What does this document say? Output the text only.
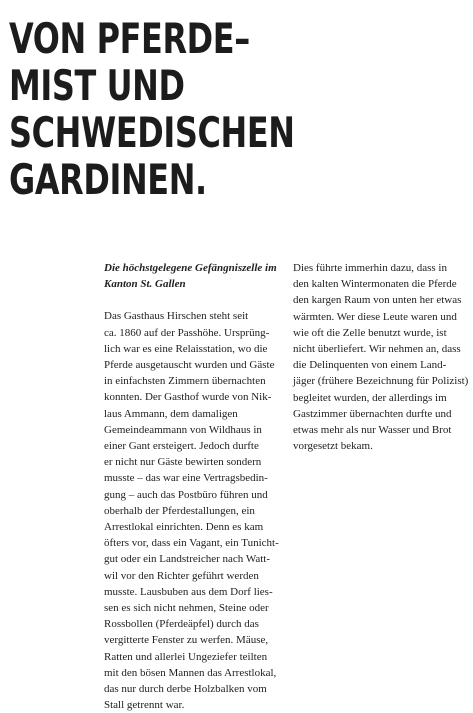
VON PFERDE–
MIST UND
SCHWEDISCHEN
GARDINEN.
Die höchstgelegene Gefängniszelle im
Kanton St. Gallen

Das Gasthaus Hirschen steht seit
ca. 1860 auf der Passhöhe. Ursprüng-
lich war es eine Relaisstation, wo die
Pferde ausgetauscht wurden und Gäste
in einfachsten Zimmern übernachten
konnten. Der Gasthof wurde von Nik-
laus Ammann, dem damaligen
Gemeindeammann von Wildhaus in
einer Gant ersteigert. Jedoch durfte
er nicht nur Gäste bewirten sondern
musste – das war eine Vertragsbedin-
gung – auch das Postbüro führen und
oberhalb der Pferdestallungen, ein
Arrestlokal einrichten. Denn es kam
öfters vor, dass ein Vagant, ein Tunicht-
gut oder ein Landstreicher nach Watt-
wil vor den Richter geführt werden
musste. Lausbuben aus dem Dorf lies-
sen es sich nicht nehmen, Steine oder
Rossbollen (Pferdeäpfel) durch das
vergitterte Fenster zu werfen. Mäuse,
Ratten und allerlei Ungeziefer teilten
mit den bösen Mannen das Arrestlokal,
das nur durch derbe Holzbalken vom
Stall getrennt war.

Dies führte immerhin dazu, dass in
den kalten Wintermonaten die Pferde
den kargen Raum von unten her etwas
wärmten. Wer diese Leute waren und
wie oft die Zelle benutzt wurde, ist
nicht überliefert. Wir nehmen an, dass
die Delinquenten von einem Land-
jäger (frühere Bezeichnung für Polizist)
begleitet wurden, der allerdings im
Gastzimmer übernachten durfte und
etwas mehr als nur Wasser und Brot
vorgesetzt bekam.
